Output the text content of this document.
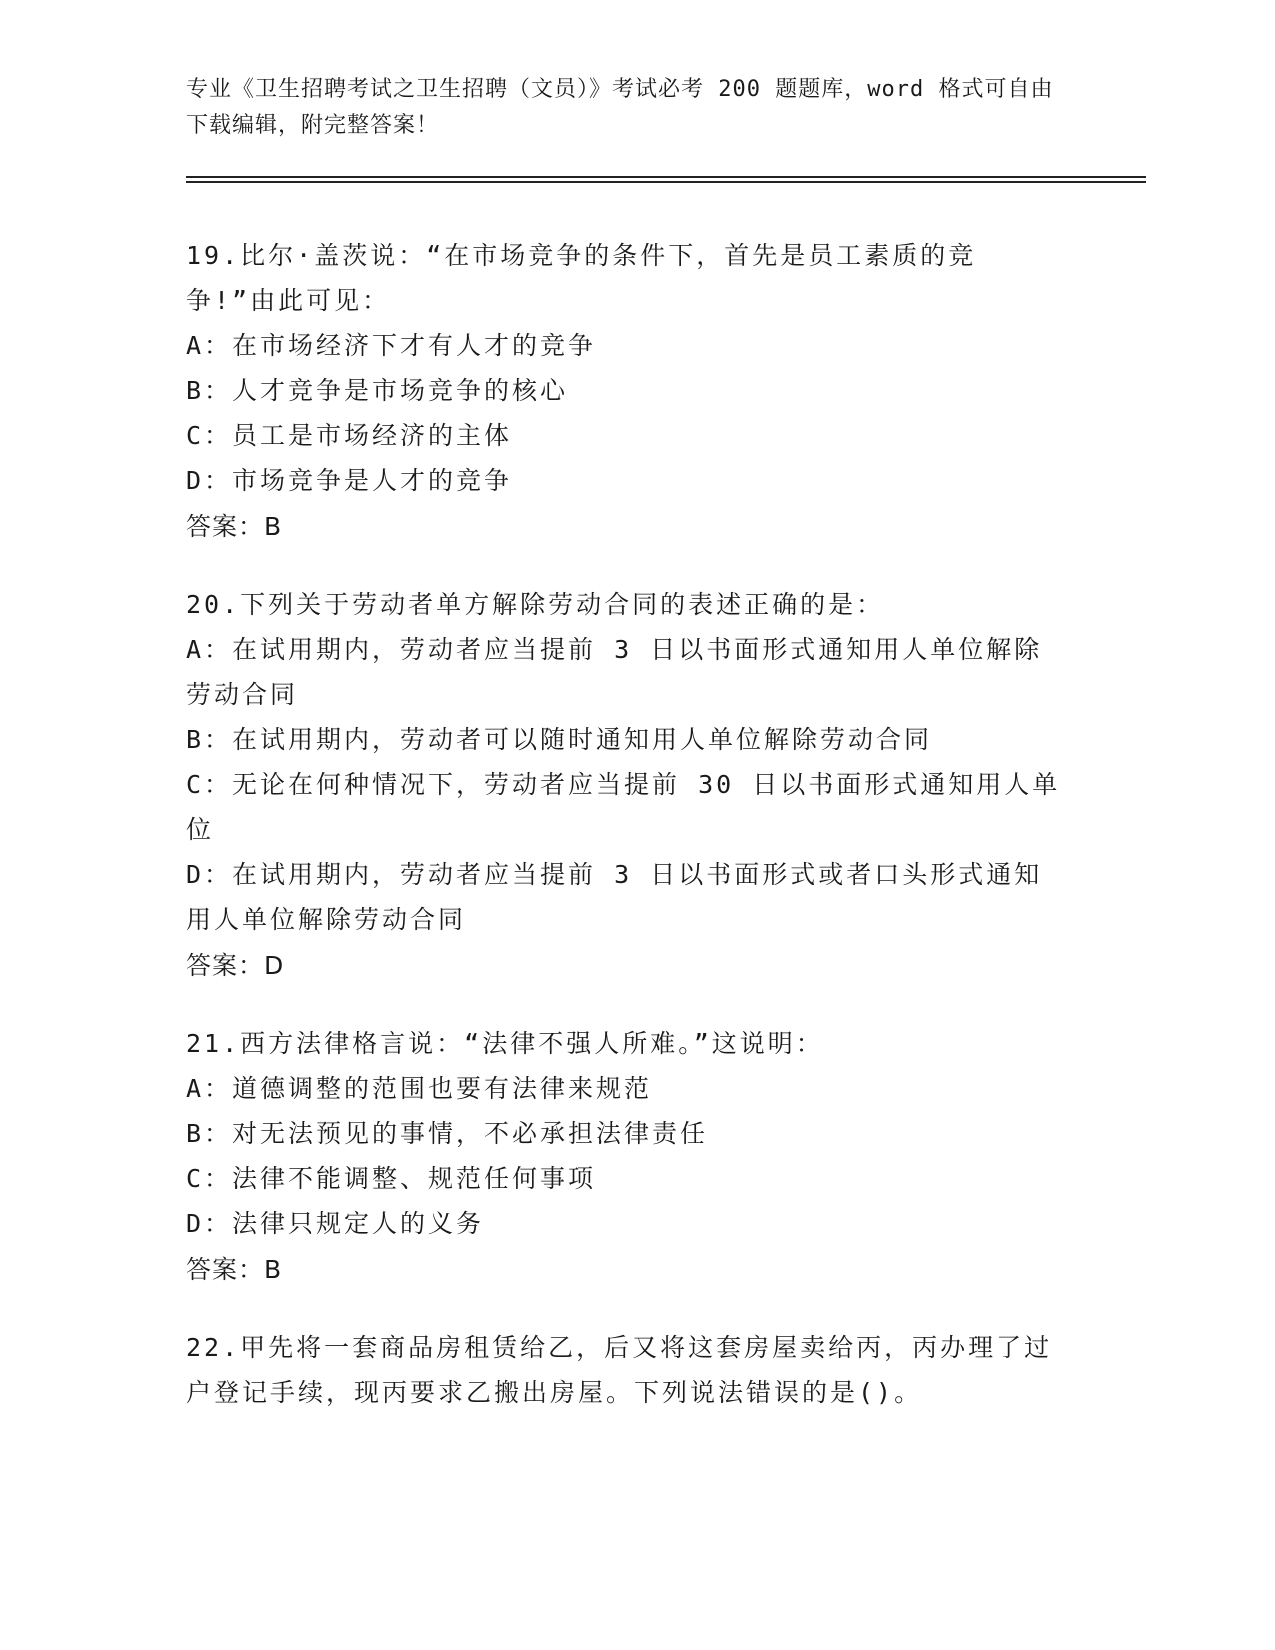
专业《卫生招聘考试之卫生招聘（文员）》考试必考 200 题题库，word 格式可自由下载编辑，附完整答案！

19.比尔·盖茨说：“在市场竞争的条件下，首先是员工素质的竞争!”由此可见：

A：在市场经济下才有人才的竞争

B：人才竞争是市场竞争的核心

C：员工是市场经济的主体

D：市场竞争是人才的竞争

答案：B

20.下列关于劳动者单方解除劳动合同的表述正确的是：

A：在试用期内，劳动者应当提前 3 日以书面形式通知用人单位解除劳动合同

B：在试用期内，劳动者可以随时通知用人单位解除劳动合同

C：无论在何种情况下，劳动者应当提前 30 日以书面形式通知用人单位

D：在试用期内，劳动者应当提前 3 日以书面形式或者口头形式通知用人单位解除劳动合同

答案：D

21.西方法律格言说：“法律不强人所难。”这说明：

A：道德调整的范围也要有法律来规范

B：对无法预见的事情，不必承担法律责任

C：法律不能调整、规范任何事项

D：法律只规定人的义务

答案：B

22.甲先将一套商品房租赁给乙，后又将这套房屋卖给丙，丙办理了过户登记手续，现丙要求乙搬出房屋。下列说法错误的是()。
